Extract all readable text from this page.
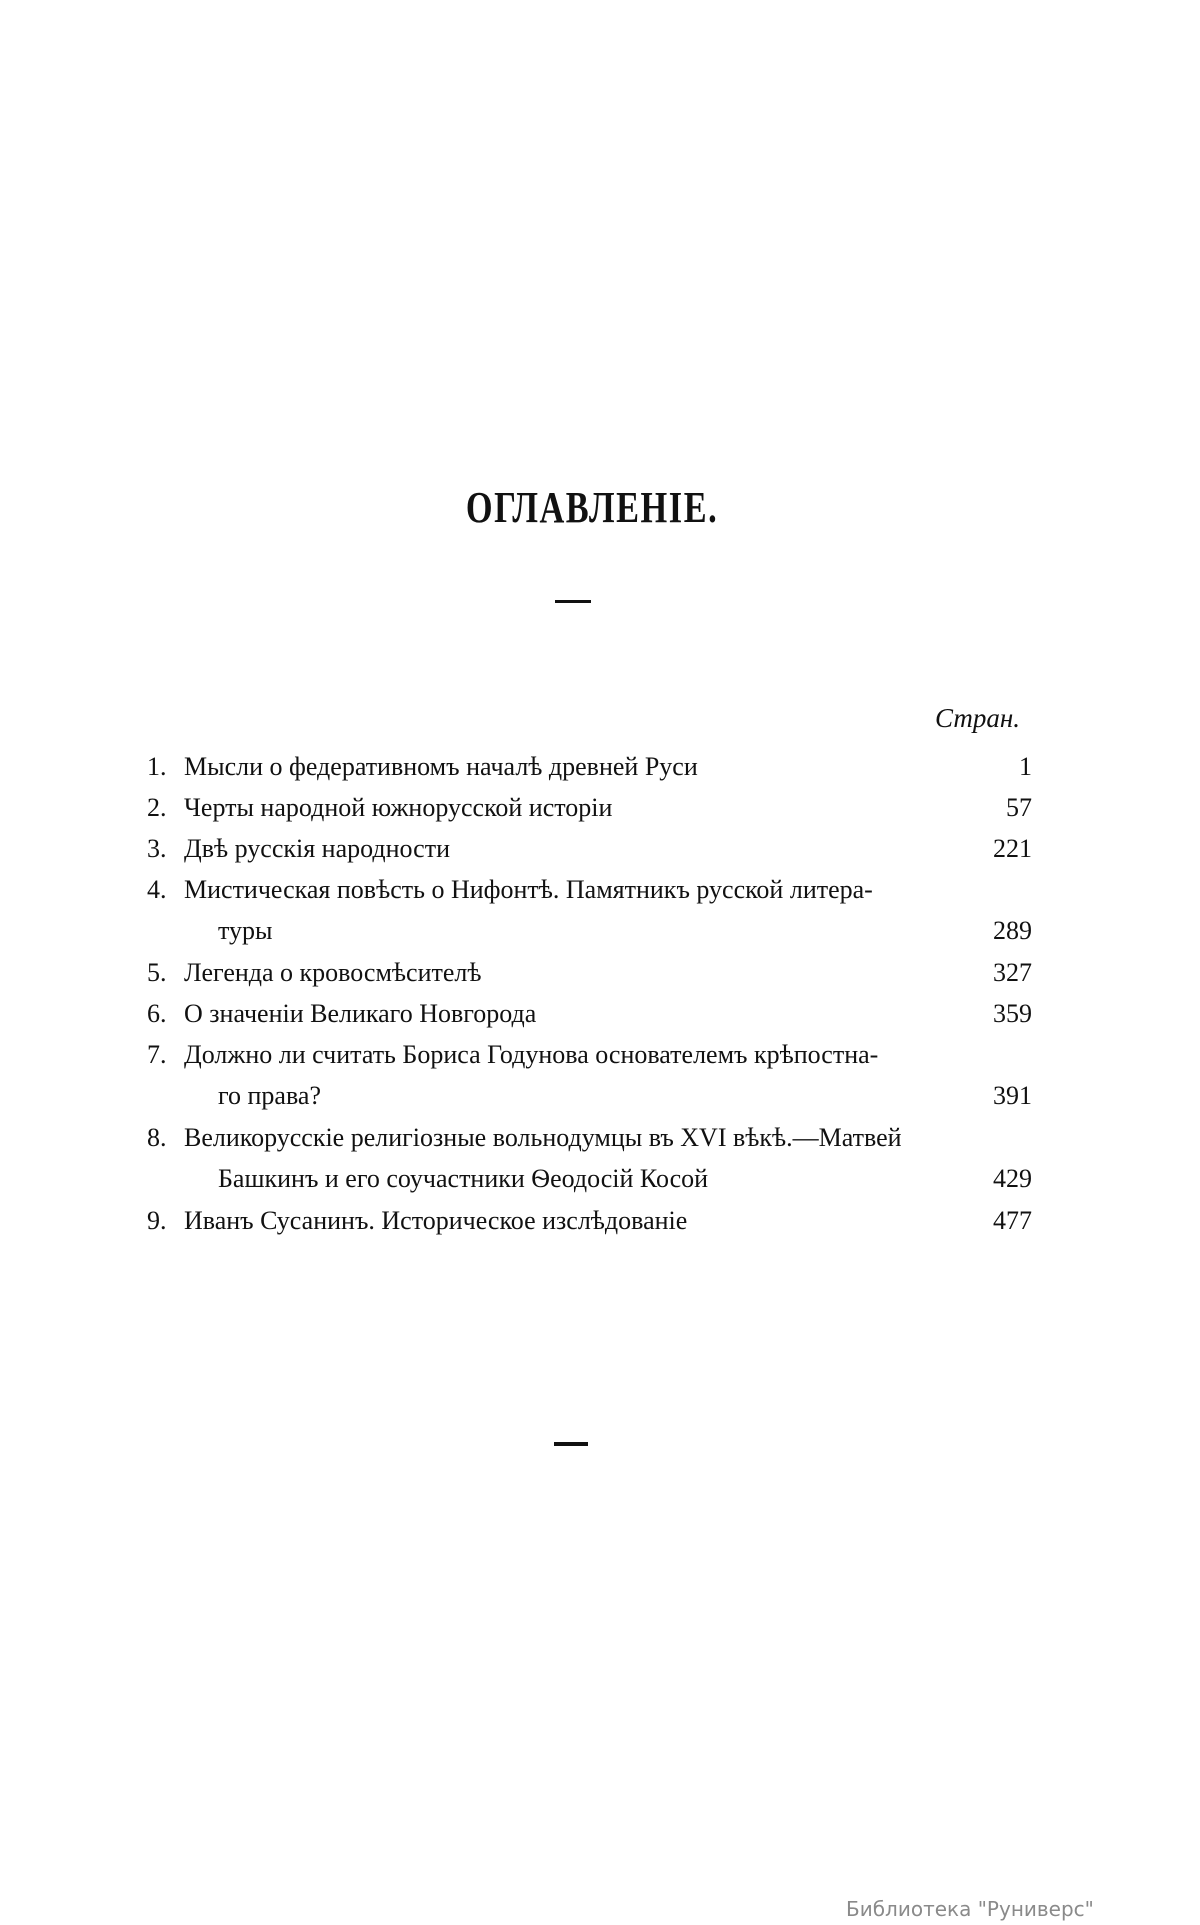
ОГЛАВЛЕНІЕ.
Стран.
1. Мысли о федеративномъ началѣ древней Руси	1
2. Черты народной южнорусской исторіи	57
3. Двѣ русскія народности	221
4. Мистическая повѣсть о Нифонтѣ. Памятникъ русской литера-
туры	289
5. Легенда о кровосмѣсителѣ	327
6. О значеніи Великаго Новгорода	359
7. Должно ли считать Бориса Годунова основателемъ крѣпостна-
го права?	391
8. Великорусскіе религіозные вольнодумцы въ XVI вѣкѣ.—Матвей
Башкинъ и его соучастники Ѳеодосій Косой	429
9. Иванъ Сусанинъ. Историческое изслѣдованіе	477
Библиотека "Руниверс"
